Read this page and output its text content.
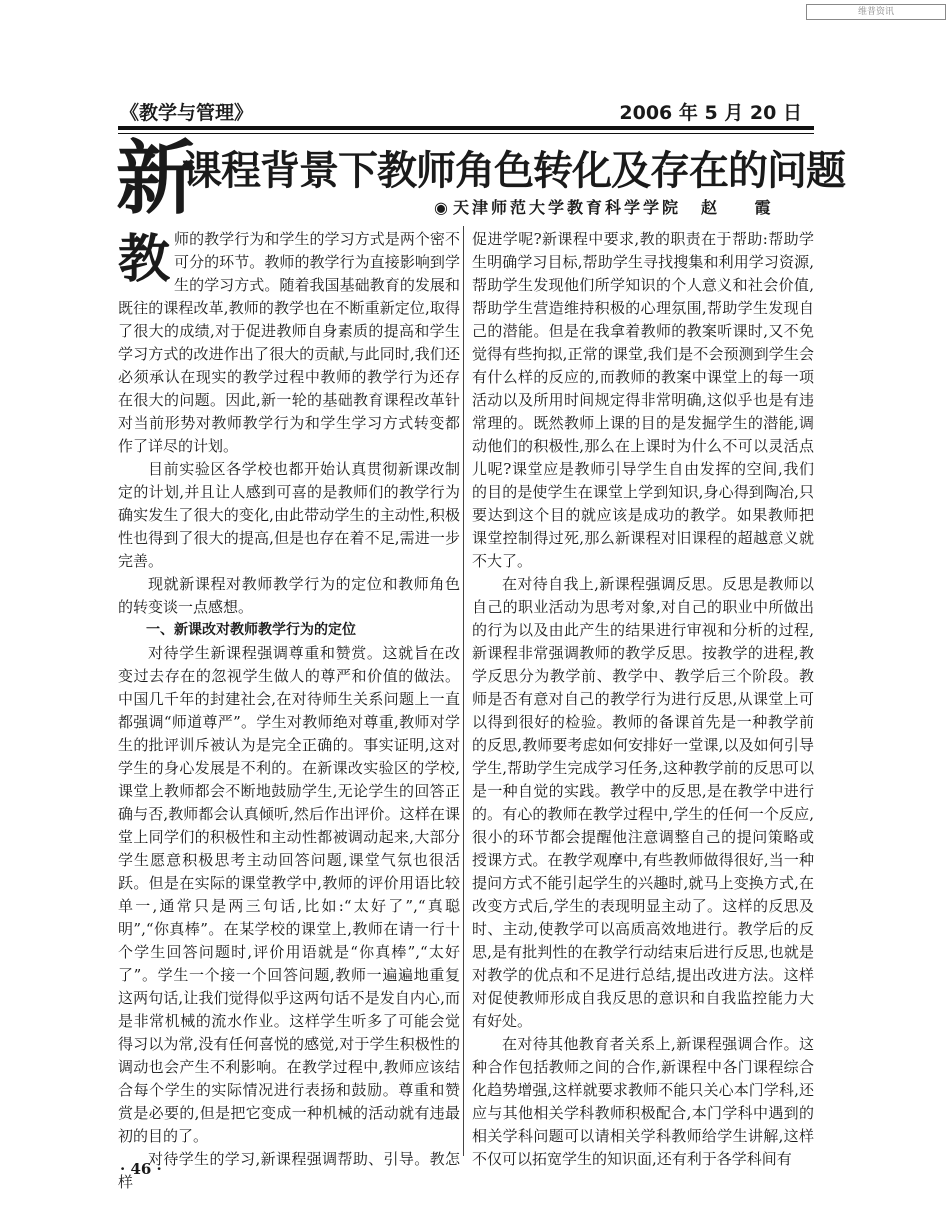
维普资讯
《教学与管理》	2006 年 5 月 20 日
新
课程背景下教师角色转化及存在的问题
◉ 天津师范大学教育科学学院 赵 霞

教师的教学行为和学生的学习方式是两个密不可分的环节。教师的教学行为直接影响到学生的学习方式。随着我国基础教育的发展和既往的课程改革,教师的教学也在不断重新定位,取得了很大的成绩,对于促进教师自身素质的提高和学生学习方式的改进作出了很大的贡献,与此同时,我们还必须承认在现实的教学过程中教师的教学行为还存在很大的问题。因此,新一轮的基础教育课程改革针对当前形势对教师教学行为和学生学习方式转变都作了详尽的计划。

目前实验区各学校也都开始认真贯彻新课改制定的计划,并且让人感到可喜的是教师们的教学行为确实发生了很大的变化,由此带动学生的主动性,积极性也得到了很大的提高,但是也存在着不足,需进一步完善。

现就新课程对教师教学行为的定位和教师角色的转变谈一点感想。

一、新课改对教师教学行为的定位

对待学生新课程强调尊重和赞赏。这就旨在改变过去存在的忽视学生做人的尊严和价值的做法。中国几千年的封建社会,在对待师生关系问题上一直都强调“师道尊严”。学生对教师绝对尊重,教师对学生的批评训斥被认为是完全正确的。事实证明,这对学生的身心发展是不利的。在新课改实验区的学校,课堂上教师都会不断地鼓励学生,无论学生的回答正确与否,教师都会认真倾听,然后作出评价。这样在课堂上同学们的积极性和主动性都被调动起来,大部分学生愿意积极思考主动回答问题,课堂气氛也很活跃。但是在实际的课堂教学中,教师的评价用语比较单一,通常只是两三句话,比如:“太好了”,“真聪明”,“你真棒”。在某学校的课堂上,教师在请一行十个学生回答问题时,评价用语就是“你真棒”,“太好了”。学生一个接一个回答问题,教师一遍遍地重复这两句话,让我们觉得似乎这两句话不是发自内心,而是非常机械的流水作业。这样学生听多了可能会觉得习以为常,没有任何喜悦的感觉,对于学生积极性的调动也会产生不利影响。在教学过程中,教师应该结合每个学生的实际情况进行表扬和鼓励。尊重和赞赏是必要的,但是把它变成一种机械的活动就有违最初的目的了。

对待学生的学习,新课程强调帮助、引导。教怎样

促进学呢?新课程中要求,教的职责在于帮助:帮助学生明确学习目标,帮助学生寻找搜集和利用学习资源,帮助学生发现他们所学知识的个人意义和社会价值,帮助学生营造维持积极的心理氛围,帮助学生发现自己的潜能。但是在我拿着教师的教案听课时,又不免觉得有些拘拟,正常的课堂,我们是不会预测到学生会有什么样的反应的,而教师的教案中课堂上的每一项活动以及所用时间规定得非常明确,这似乎也是有违常理的。既然教师上课的目的是发掘学生的潜能,调动他们的积极性,那么在上课时为什么不可以灵活点儿呢?课堂应是教师引导学生自由发挥的空间,我们的目的是使学生在课堂上学到知识,身心得到陶冶,只要达到这个目的就应该是成功的教学。如果教师把课堂控制得过死,那么新课程对旧课程的超越意义就不大了。

在对待自我上,新课程强调反思。反思是教师以自己的职业活动为思考对象,对自己的职业中所做出的行为以及由此产生的结果进行审视和分析的过程,新课程非常强调教师的教学反思。按教学的进程,教学反思分为教学前、教学中、教学后三个阶段。教师是否有意对自己的教学行为进行反思,从课堂上可以得到很好的检验。教师的备课首先是一种教学前的反思,教师要考虑如何安排好一堂课,以及如何引导学生,帮助学生完成学习任务,这种教学前的反思可以是一种自觉的实践。教学中的反思,是在教学中进行的。有心的教师在教学过程中,学生的任何一个反应,很小的环节都会提醒他注意调整自己的提问策略或授课方式。在教学观摩中,有些教师做得很好,当一种提问方式不能引起学生的兴趣时,就马上变换方式,在改变方式后,学生的表现明显主动了。这样的反思及时、主动,使教学可以高质高效地进行。教学后的反思,是有批判性的在教学行动结束后进行反思,也就是对教学的优点和不足进行总结,提出改进方法。这样对促使教师形成自我反思的意识和自我监控能力大有好处。

在对待其他教育者关系上,新课程强调合作。这种合作包括教师之间的合作,新课程中各门课程综合化趋势增强,这样就要求教师不能只关心本门学科,还应与其他相关学科教师积极配合,本门学科中遇到的相关学科问题可以请相关学科教师给学生讲解,这样不仅可以拓宽学生的知识面,还有利于各学科间有

· 46 ·
